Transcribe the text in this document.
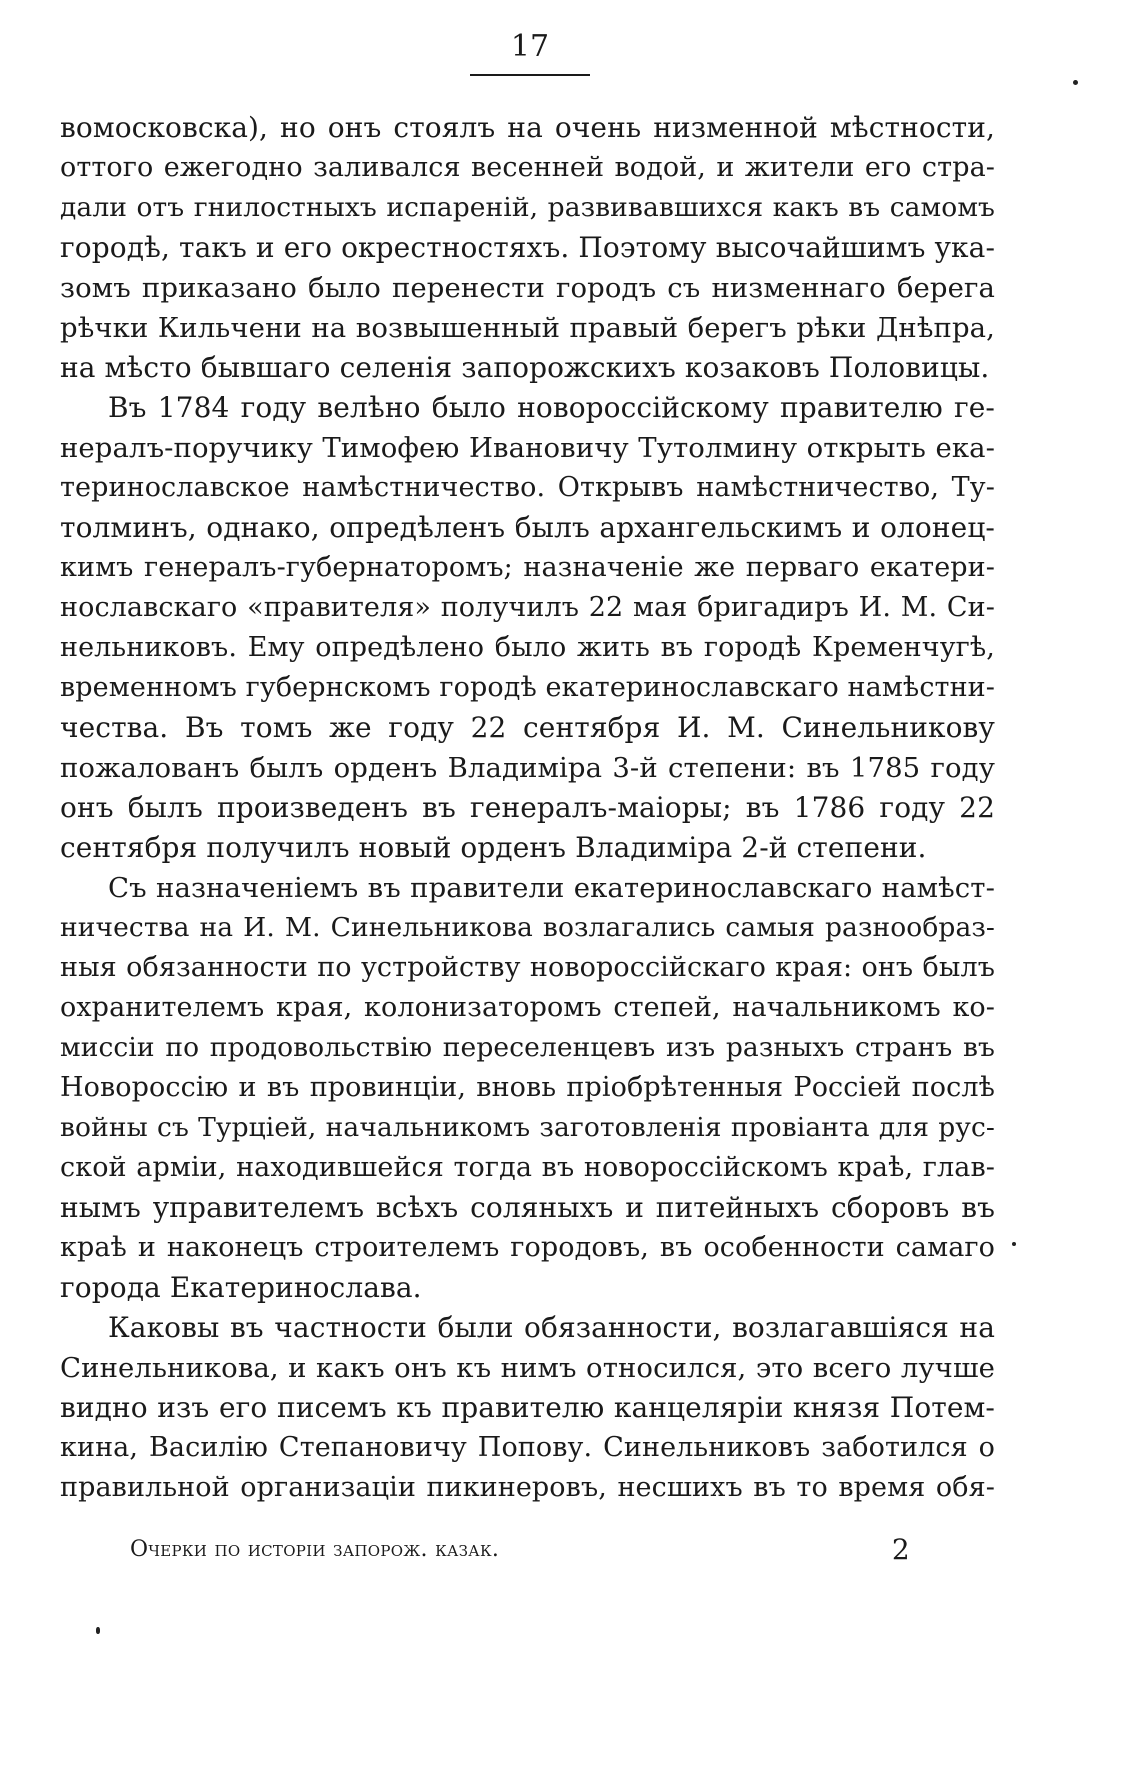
17
вомосковска), но онъ стоялъ на очень низменной мѣстности,
оттого ежегодно заливался весенней водой, и жители его стра-
дали отъ гнилостныхъ испареній, развивавшихся какъ въ самомъ
городѣ, такъ и его окрестностяхъ. Поэтому высочайшимъ ука-
зомъ приказано было перенести городъ съ низменнаго берега
рѣчки Кильчени на возвышенный правый берегъ рѣки Днѣпра,
на мѣсто бывшаго селенія запорожскихъ козаковъ Половицы.
Въ 1784 году велѣно было новороссійскому правителю ге-
нералъ-поручику Тимофею Ивановичу Тутолмину открыть ека-
теринославское намѣстничество. Открывъ намѣстничество, Ту-
толминъ, однако, опредѣленъ былъ архангельскимъ и олонец-
кимъ генералъ-губернаторомъ; назначеніе же перваго екатери-
нославскаго «правителя» получилъ 22 мая бригадиръ И. М. Си-
нельниковъ. Ему опредѣлено было жить въ городѣ Кременчугѣ,
временномъ губернскомъ городѣ екатеринославскаго намѣстни-
чества. Въ томъ же году 22 сентября И. М. Синельникову
пожалованъ былъ орденъ Владиміра 3-й степени: въ 1785 году
онъ былъ произведенъ въ генералъ-маіоры; въ 1786 году 22
сентября получилъ новый орденъ Владиміра 2-й степени.
Съ назначеніемъ въ правители екатеринославскаго намѣст-
ничества на И. М. Синельникова возлагались самыя разнообраз-
ныя обязанности по устройству новороссійскаго края: онъ былъ
охранителемъ края, колонизаторомъ степей, начальникомъ ко-
миссіи по продовольствію переселенцевъ изъ разныхъ странъ въ
Новороссію и въ провинціи, вновь пріобрѣтенныя Россіей послѣ
войны съ Турціей, начальникомъ заготовленія провіанта для рус-
ской арміи, находившейся тогда въ новороссійскомъ краѣ, глав-
нымъ управителемъ всѣхъ соляныхъ и питейныхъ сборовъ въ
краѣ и наконецъ строителемъ городовъ, въ особенности самаго
города Екатеринослава.
Каковы въ частности были обязанности, возлагавшіяся на
Синельникова, и какъ онъ къ нимъ относился, это всего лучше
видно изъ его писемъ къ правителю канцеляріи князя Потем-
кина, Василію Степановичу Попову. Синельниковъ заботился о
правильной организаціи пикинеровъ, несшихъ въ то время обя-
Очерки по исторіи запорож. казак.	2
